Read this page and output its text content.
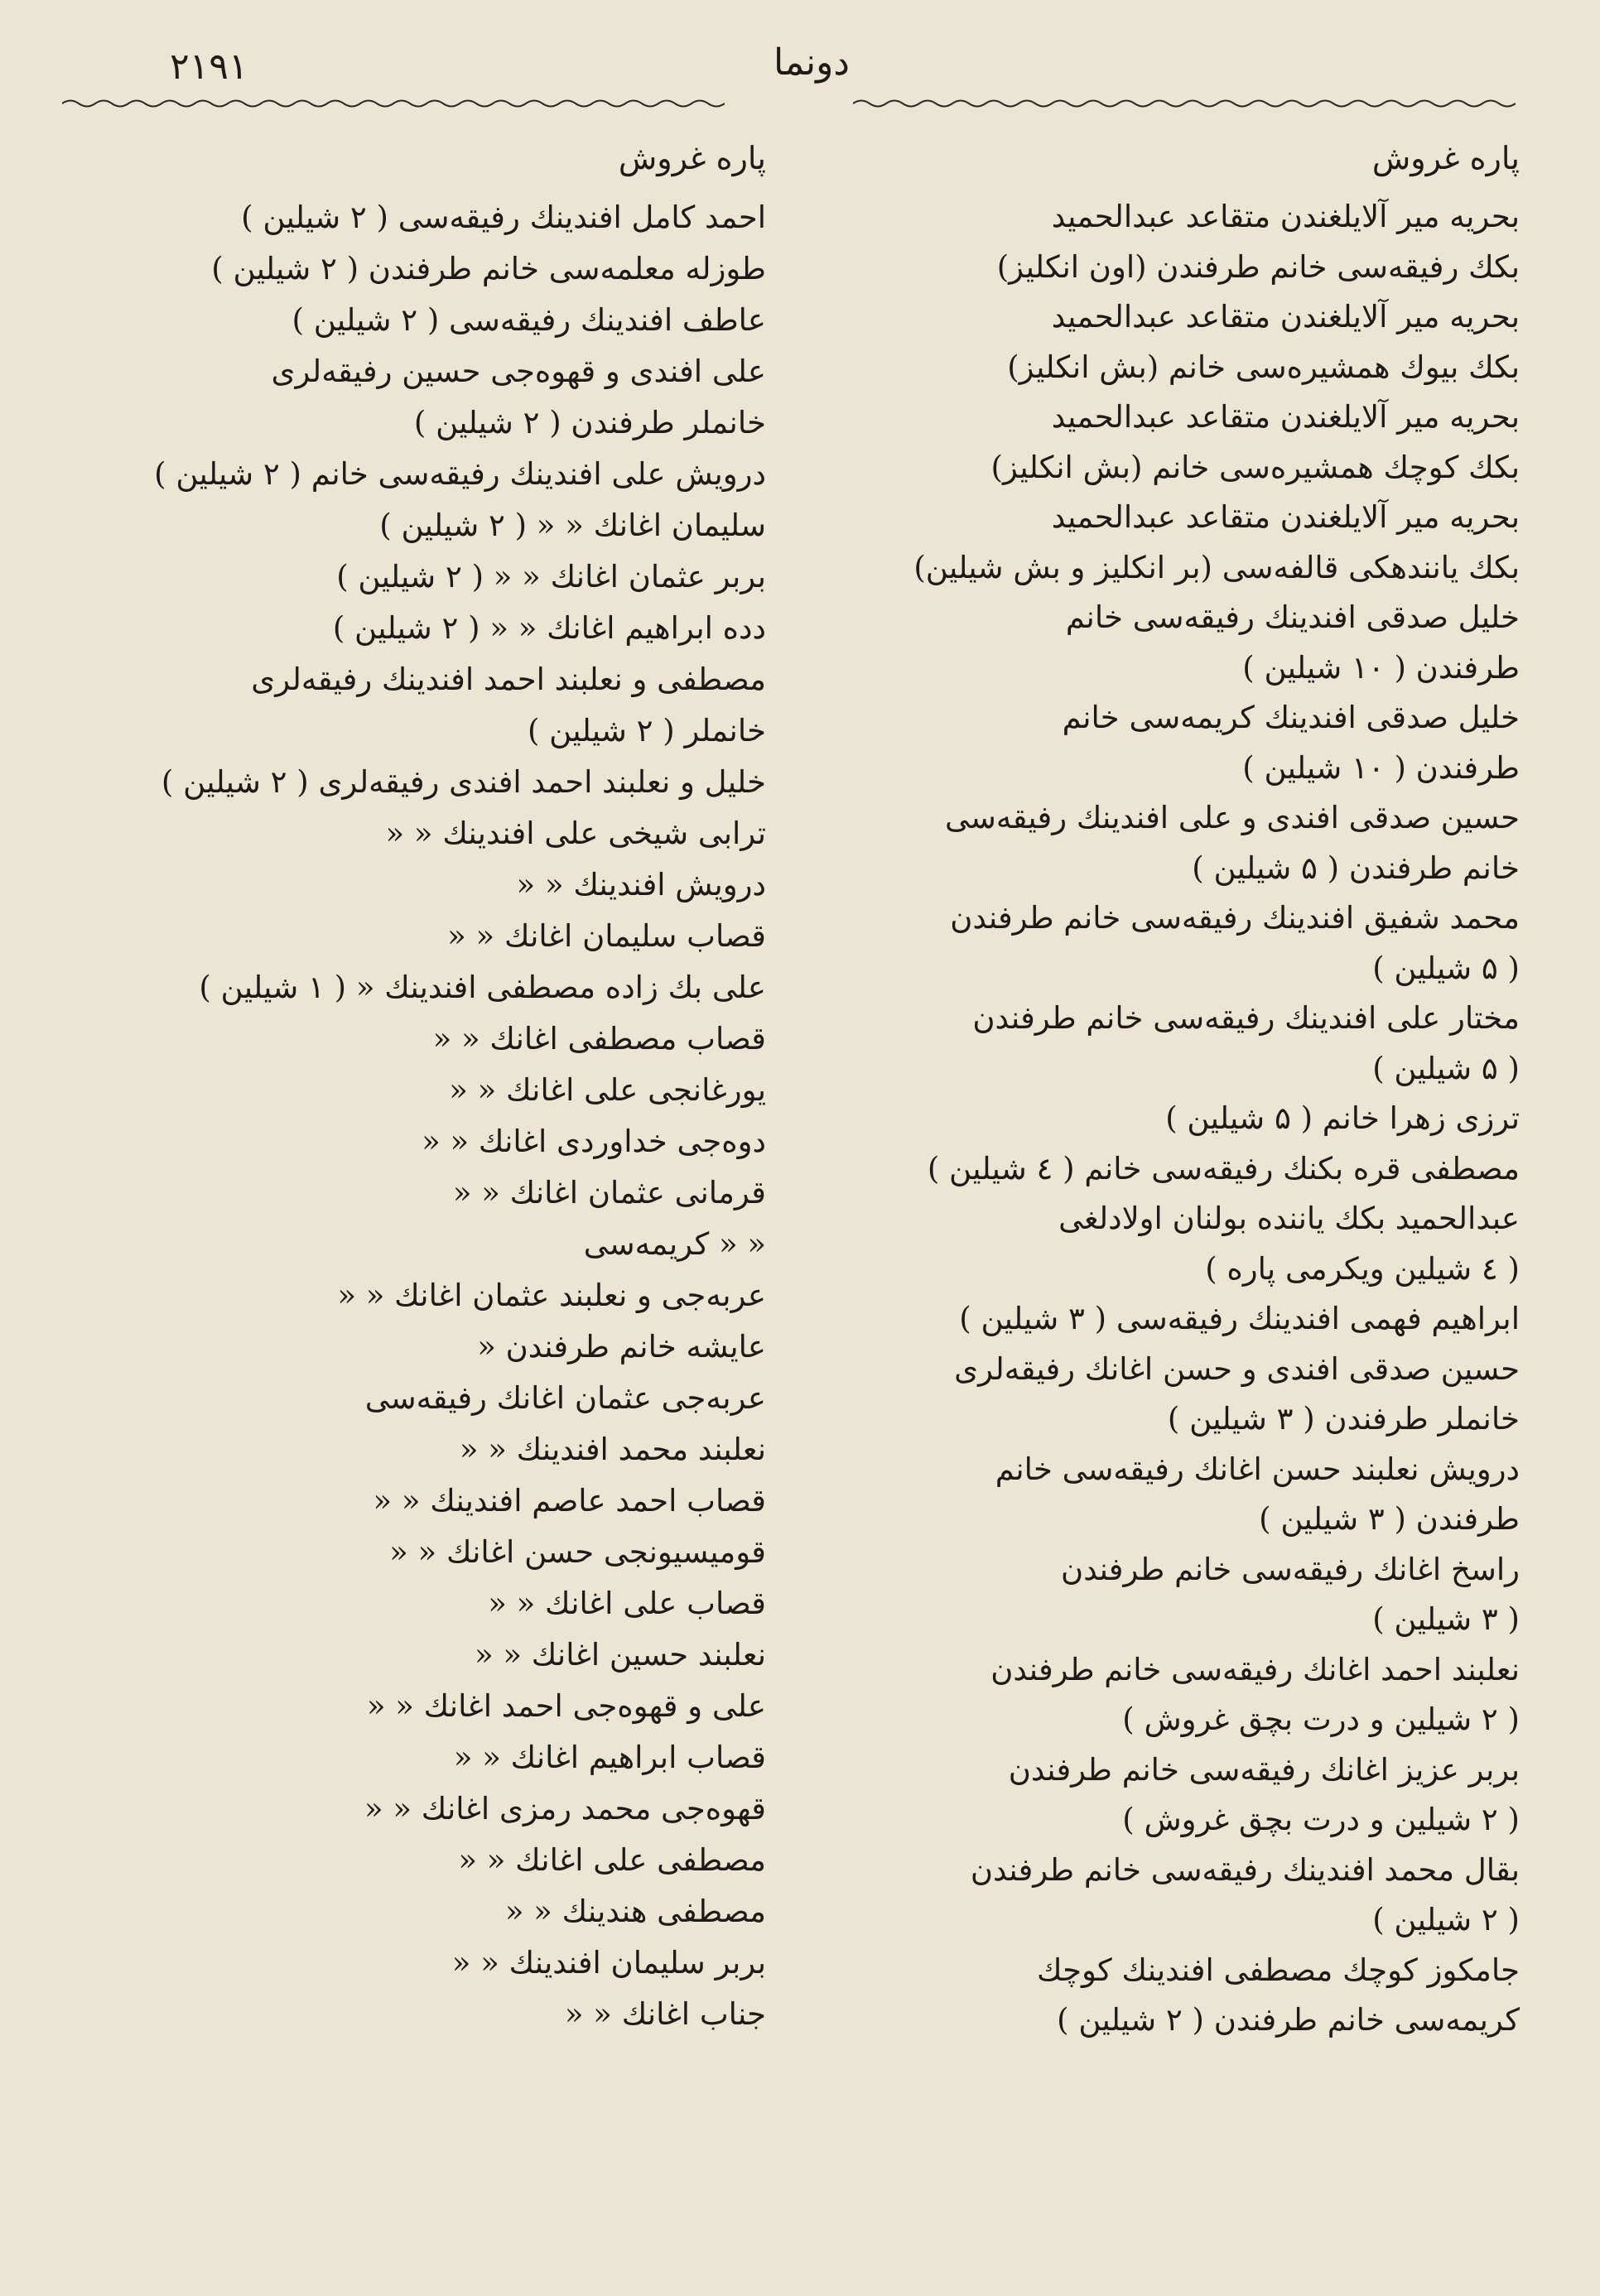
۲۱۹۱	دونما
پاره غروش
بحریه میر آلایلغندن متقاعد عبدالحمید
بکك رفیقه‌سی خانم طرفندن (اون انکلیز)
بحریه میر آلایلغندن متقاعد عبدالحمید
بکك بیوك همشیره‌سی خانم (بش انکلیز)
بحریه میر آلایلغندن متقاعد عبدالحمید
بکك کوچك همشیره‌سی خانم (بش انکلیز)
بحریه میر آلایلغندن متقاعد عبدالحمید
بکك یانندهکی قالفه‌سی (بر انکلیز و بش شیلین)
خلیل صدقی افندینك رفیقه‌سی خانم
طرفندن ( ۱۰ شیلین )
خلیل صدقی افندینك کریمه‌سی خانم
طرفندن ( ۱۰ شیلین )
حسین صدقی افندی و علی افندینك رفیقه‌سی
خانم طرفندن ( ۵ شیلین )
محمد شفیق افندینك رفیقه‌سی خانم طرفندن
( ۵ شیلین )
مختار علی افندینك رفیقه‌سی خانم طرفندن
( ۵ شیلین )
ترزی زهرا خانم ( ۵ شیلین )
مصطفی قره بکنك رفیقه‌سی خانم ( ٤ شیلین )
عبدالحمید بکك یاننده بولنان اولادلغی
( ٤ شیلین ویکرمی پاره )
ابراهیم فهمی افندینك رفیقه‌سی ( ۳ شیلین )
حسین صدقی افندی و حسن اغانك رفیقه‌لری
خانملر طرفندن ( ۳ شیلین )
درویش نعلبند حسن اغانك رفیقه‌سی خانم
طرفندن ( ۳ شیلین )
راسخ اغانك رفیقه‌سی خانم طرفندن
( ۳ شیلین )
نعلبند احمد اغانك رفیقه‌سی خانم طرفندن
( ۲ شیلین و درت بچق غروش )
بربر عزیز اغانك رفیقه‌سی خانم طرفندن
( ۲ شیلین و درت بچق غروش )
بقال محمد افندینك رفیقه‌سی خانم طرفندن
( ۲ شیلین )
جامکوز کوچك مصطفی افندینك کوچك
کریمه‌سی خانم طرفندن ( ۲ شیلین )
پاره غروش
احمد کامل افندینك رفیقه‌سی ( ۲ شیلین )
طوزله معلمه‌سی خانم طرفندن ( ۲ شیلین )
عاطف افندینك رفیقه‌سی ( ۲ شیلین )
علی افندی و قهوه‌جی حسین رفیقه‌لری
خانملر طرفندن ( ۲ شیلین )
درویش علی افندینك رفیقه‌سی خانم ( ۲ شیلین )
سلیمان اغانك « « ( ۲ شیلین )
بربر عثمان اغانك « « ( ۲ شیلین )
دده ابراهیم اغانك « « ( ۲ شیلین )
مصطفی و نعلبند احمد افندینك رفیقه‌لری
خانملر ( ۲ شیلین )
خلیل و نعلبند احمد افندی رفیقه‌لری ( ۲ شیلین )
ترابی شیخی علی افندینك « «
درویش افندینك « «
قصاب سلیمان اغانك « «
علی بك زاده مصطفی افندینك « ( ۱ شیلین )
قصاب مصطفی اغانك « «
یورغانجی علی اغانك « «
دوه‌جی خداوردی اغانك « «
قرمانی عثمان اغانك « «
« « کریمه‌سی
عربه‌جی و نعلبند عثمان اغانك « «
عایشه خانم طرفندن «
عربه‌جی عثمان اغانك رفیقه‌سی
نعلبند محمد افندینك « «
قصاب احمد عاصم افندینك « «
قومیسیونجی حسن اغانك « «
قصاب علی اغانك « «
نعلبند حسین اغانك « «
علی و قهوه‌جی احمد اغانك « «
قصاب ابراهیم اغانك « «
قهوه‌جی محمد رمزی اغانك « «
مصطفی علی اغانك « «
مصطفی هندینك « «
بربر سلیمان افندینك « «
جناب اغانك « «
